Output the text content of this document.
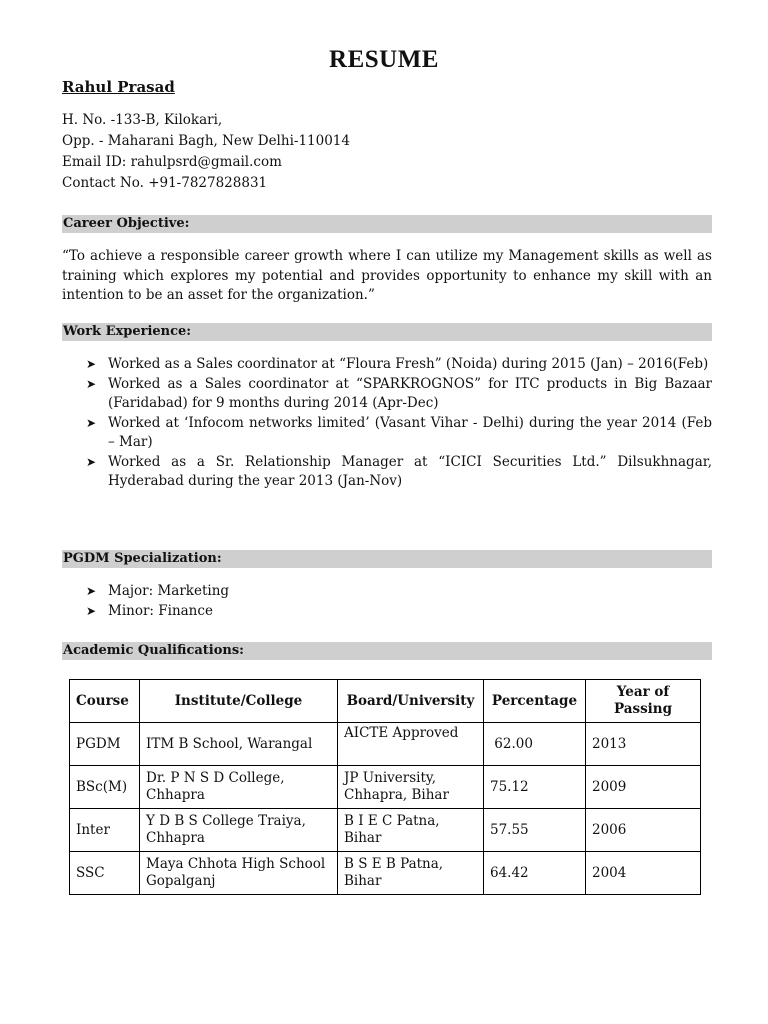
RESUME
Rahul Prasad
H. No. -133-B, Kilokari,
Opp. - Maharani Bagh, New Delhi-110014
Email ID: rahulpsrd@gmail.com
Contact No. +91-7827828831
Career Objective:
“To achieve a responsible career growth where I can utilize my Management skills as well as training which explores my potential and provides opportunity to enhance my skill with an intention to be an asset for the organization.”
Work Experience:
➤ Worked as a Sales coordinator at “Floura Fresh” (Noida) during 2015 (Jan) – 2016(Feb)
➤ Worked as a Sales coordinator at “SPARKROGNOS” for ITC products in Big Bazaar (Faridabad) for 9 months during 2014 (Apr-Dec)
➤ Worked at ‘Infocom networks limited’ (Vasant Vihar - Delhi) during the year 2014 (Feb – Mar)
➤ Worked as a Sr. Relationship Manager at “ICICI Securities Ltd.” Dilsukhnagar, Hyderabad during the year 2013 (Jan-Nov)
PGDM Specialization:
➤ Major: Marketing
➤ Minor: Finance
Academic Qualifications:
Course	Institute/College	Board/University	Percentage	Year of Passing
PGDM	ITM B School, Warangal	AICTE Approved	62.00	2013
BSc(M)	Dr. P N S D College, Chhapra	JP University, Chhapra, Bihar	75.12	2009
Inter	Y D B S College Traiya, Chhapra	B I E C Patna, Bihar	57.55	2006
SSC	Maya Chhota High School Gopalganj	B S E B Patna, Bihar	64.42	2004
